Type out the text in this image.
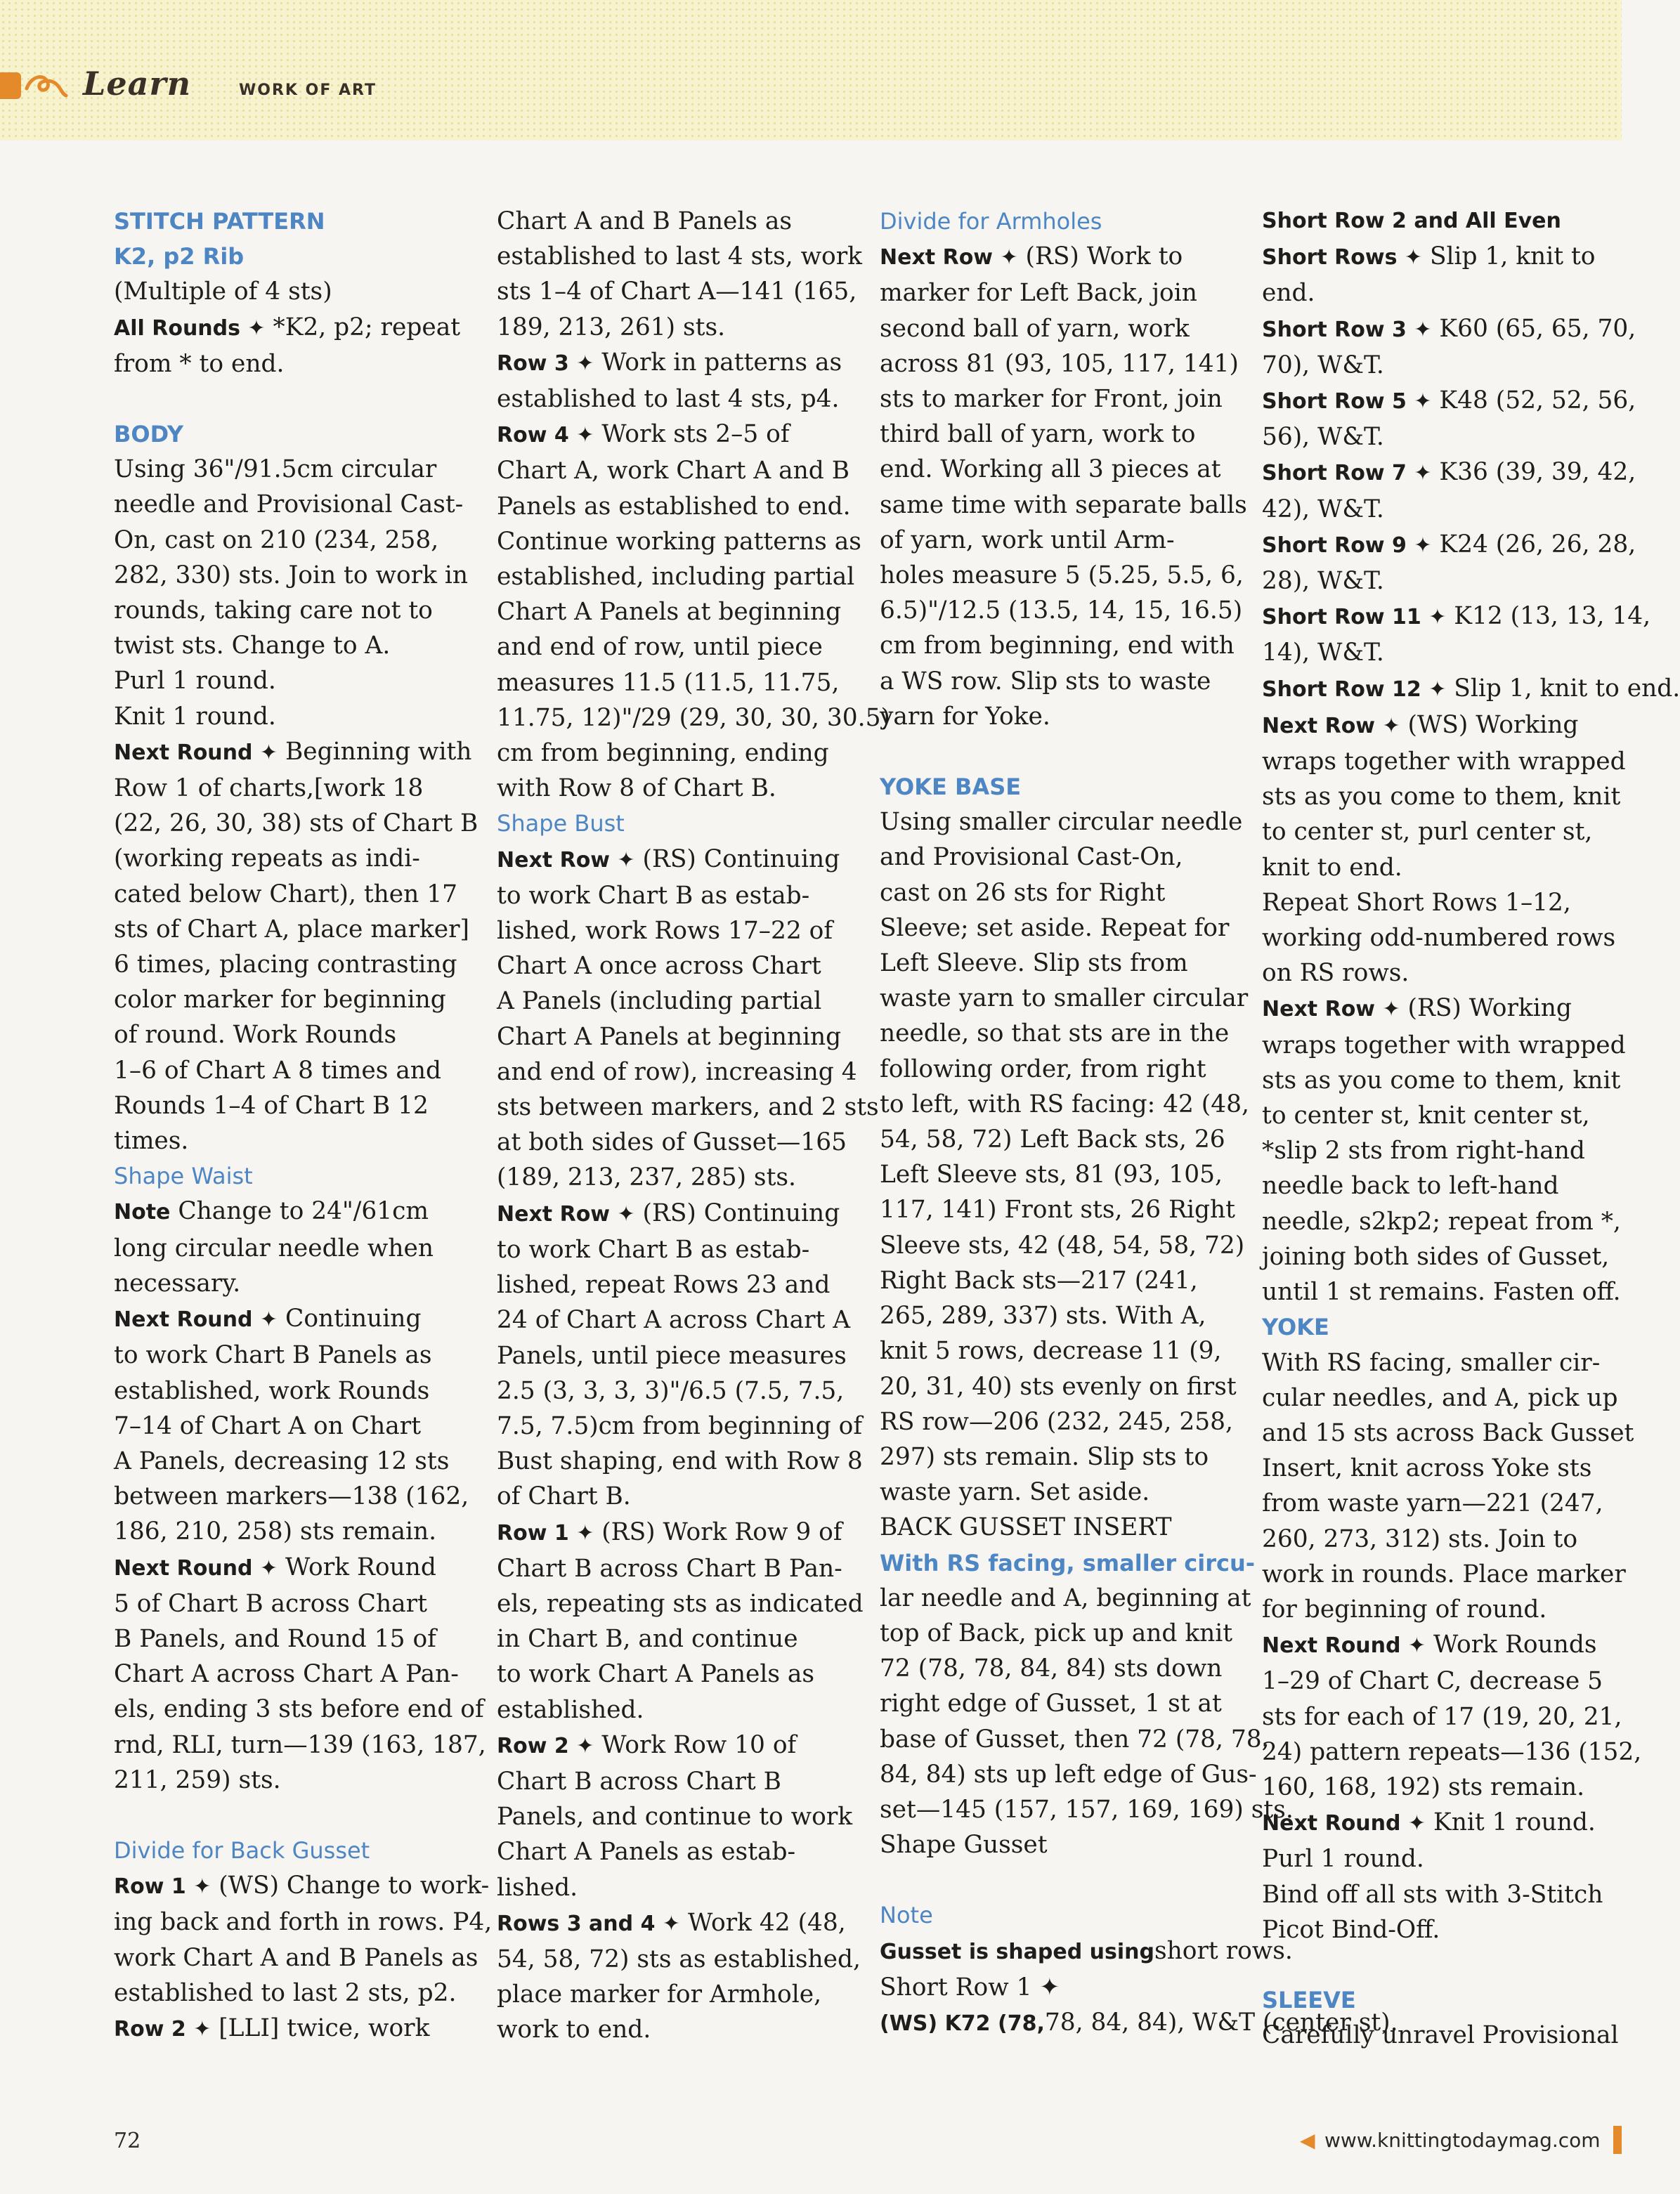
Learn	WORK OF ART
STITCH PATTERN
K2, p2 Rib
(Multiple of 4 sts)
All Rounds ✦ *K2, p2; repeat
from * to end.
BODY
Using 36"/91.5cm circular
needle and Provisional Cast-
On, cast on 210 (234, 258,
282, 330) sts. Join to work in
rounds, taking care not to
twist sts. Change to A.
Purl 1 round.
Knit 1 round.
Next Round ✦ Beginning with
Row 1 of charts,[work 18
(22, 26, 30, 38) sts of Chart B
(working repeats as indi-
cated below Chart), then 17
sts of Chart A, place marker]
6 times, placing contrasting
color marker for beginning
of round. Work Rounds
1–6 of Chart A 8 times and
Rounds 1–4 of Chart B 12
times.
Shape Waist
Note Change to 24"/61cm
long circular needle when
necessary.
Next Round ✦ Continuing
to work Chart B Panels as
established, work Rounds
7–14 of Chart A on Chart
A Panels, decreasing 12 sts
between markers—138 (162,
186, 210, 258) sts remain.
Next Round ✦ Work Round
5 of Chart B across Chart
B Panels, and Round 15 of
Chart A across Chart A Pan-
els, ending 3 sts before end of
rnd, RLI, turn—139 (163, 187,
211, 259) sts.
Divide for Back Gusset
Row 1 ✦ (WS) Change to work-
ing back and forth in rows. P4,
work Chart A and B Panels as
established to last 2 sts, p2.
Row 2 ✦ [LLI] twice, work
Chart A and B Panels as
established to last 4 sts, work
sts 1–4 of Chart A—141 (165,
189, 213, 261) sts.
Row 3 ✦ Work in patterns as
established to last 4 sts, p4.
Row 4 ✦ Work sts 2–5 of
Chart A, work Chart A and B
Panels as established to end.
Continue working patterns as
established, including partial
Chart A Panels at beginning
and end of row, until piece
measures 11.5 (11.5, 11.75,
11.75, 12)"/29 (29, 30, 30, 30.5)
cm from beginning, ending
with Row 8 of Chart B.
Shape Bust
Next Row ✦ (RS) Continuing
to work Chart B as estab-
lished, work Rows 17–22 of
Chart A once across Chart
A Panels (including partial
Chart A Panels at beginning
and end of row), increasing 4
sts between markers, and 2 sts
at both sides of Gusset—165
(189, 213, 237, 285) sts.
Next Row ✦ (RS) Continuing
to work Chart B as estab-
lished, repeat Rows 23 and
24 of Chart A across Chart A
Panels, until piece measures
2.5 (3, 3, 3, 3)"/6.5 (7.5, 7.5,
7.5, 7.5)cm from beginning of
Bust shaping, end with Row 8
of Chart B.
Row 1 ✦ (RS) Work Row 9 of
Chart B across Chart B Pan-
els, repeating sts as indicated
in Chart B, and continue
to work Chart A Panels as
established.
Row 2 ✦ Work Row 10 of
Chart B across Chart B
Panels, and continue to work
Chart A Panels as estab-
lished.
Rows 3 and 4 ✦ Work 42 (48,
54, 58, 72) sts as established,
place marker for Armhole,
work to end.
Divide for Armholes
Next Row ✦ (RS) Work to
marker for Left Back, join
second ball of yarn, work
across 81 (93, 105, 117, 141)
sts to marker for Front, join
third ball of yarn, work to
end. Working all 3 pieces at
same time with separate balls
of yarn, work until Arm-
holes measure 5 (5.25, 5.5, 6,
6.5)"/12.5 (13.5, 14, 15, 16.5)
cm from beginning, end with
a WS row. Slip sts to waste
yarn for Yoke.
YOKE BASE
Using smaller circular needle
and Provisional Cast-On,
cast on 26 sts for Right
Sleeve; set aside. Repeat for
Left Sleeve. Slip sts from
waste yarn to smaller circular
needle, so that sts are in the
following order, from right
to left, with RS facing: 42 (48,
54, 58, 72) Left Back sts, 26
Left Sleeve sts, 81 (93, 105,
117, 141) Front sts, 26 Right
Sleeve sts, 42 (48, 54, 58, 72)
Right Back sts—217 (241,
265, 289, 337) sts. With A,
knit 5 rows, decrease 11 (9,
20, 31, 40) sts evenly on first
RS row—206 (232, 245, 258,
297) sts remain. Slip sts to
waste yarn. Set aside.
BACK GUSSET INSERT
With RS facing, smaller circu-
lar needle and A, beginning at
top of Back, pick up and knit
72 (78, 78, 84, 84) sts down
right edge of Gusset, 1 st at
base of Gusset, then 72 (78, 78,
84, 84) sts up left edge of Gus-
set—145 (157, 157, 169, 169) sts.
Shape Gusset
Note
Gusset is shaped usingshort rows.
Short Row 1 ✦
(WS) K72 (78,78, 84, 84), W&T (center st).
Short Row 2 and All Even
Short Rows ✦ Slip 1, knit to
end.
Short Row 3 ✦ K60 (65, 65, 70,
70), W&T.
Short Row 5 ✦ K48 (52, 52, 56,
56), W&T.
Short Row 7 ✦ K36 (39, 39, 42,
42), W&T.
Short Row 9 ✦ K24 (26, 26, 28,
28), W&T.
Short Row 11 ✦ K12 (13, 13, 14,
14), W&T.
Short Row 12 ✦ Slip 1, knit to end.
Next Row ✦ (WS) Working
wraps together with wrapped
sts as you come to them, knit
to center st, purl center st,
knit to end.
Repeat Short Rows 1–12,
working odd-numbered rows
on RS rows.
Next Row ✦ (RS) Working
wraps together with wrapped
sts as you come to them, knit
to center st, knit center st,
*slip 2 sts from right-hand
needle back to left-hand
needle, s2kp2; repeat from *,
joining both sides of Gusset,
until 1 st remains. Fasten off.
YOKE
With RS facing, smaller cir-
cular needles, and A, pick up
and 15 sts across Back Gusset
Insert, knit across Yoke sts
from waste yarn—221 (247,
260, 273, 312) sts. Join to
work in rounds. Place marker
for beginning of round.
Next Round ✦ Work Rounds
1–29 of Chart C, decrease 5
sts for each of 17 (19, 20, 21,
24) pattern repeats—136 (152,
160, 168, 192) sts remain.
Next Round ✦ Knit 1 round.
Purl 1 round.
Bind off all sts with 3-Stitch
Picot Bind-Off.
SLEEVE
Carefully unravel Provisional
72	◀ www.knittingtodaymag.com
